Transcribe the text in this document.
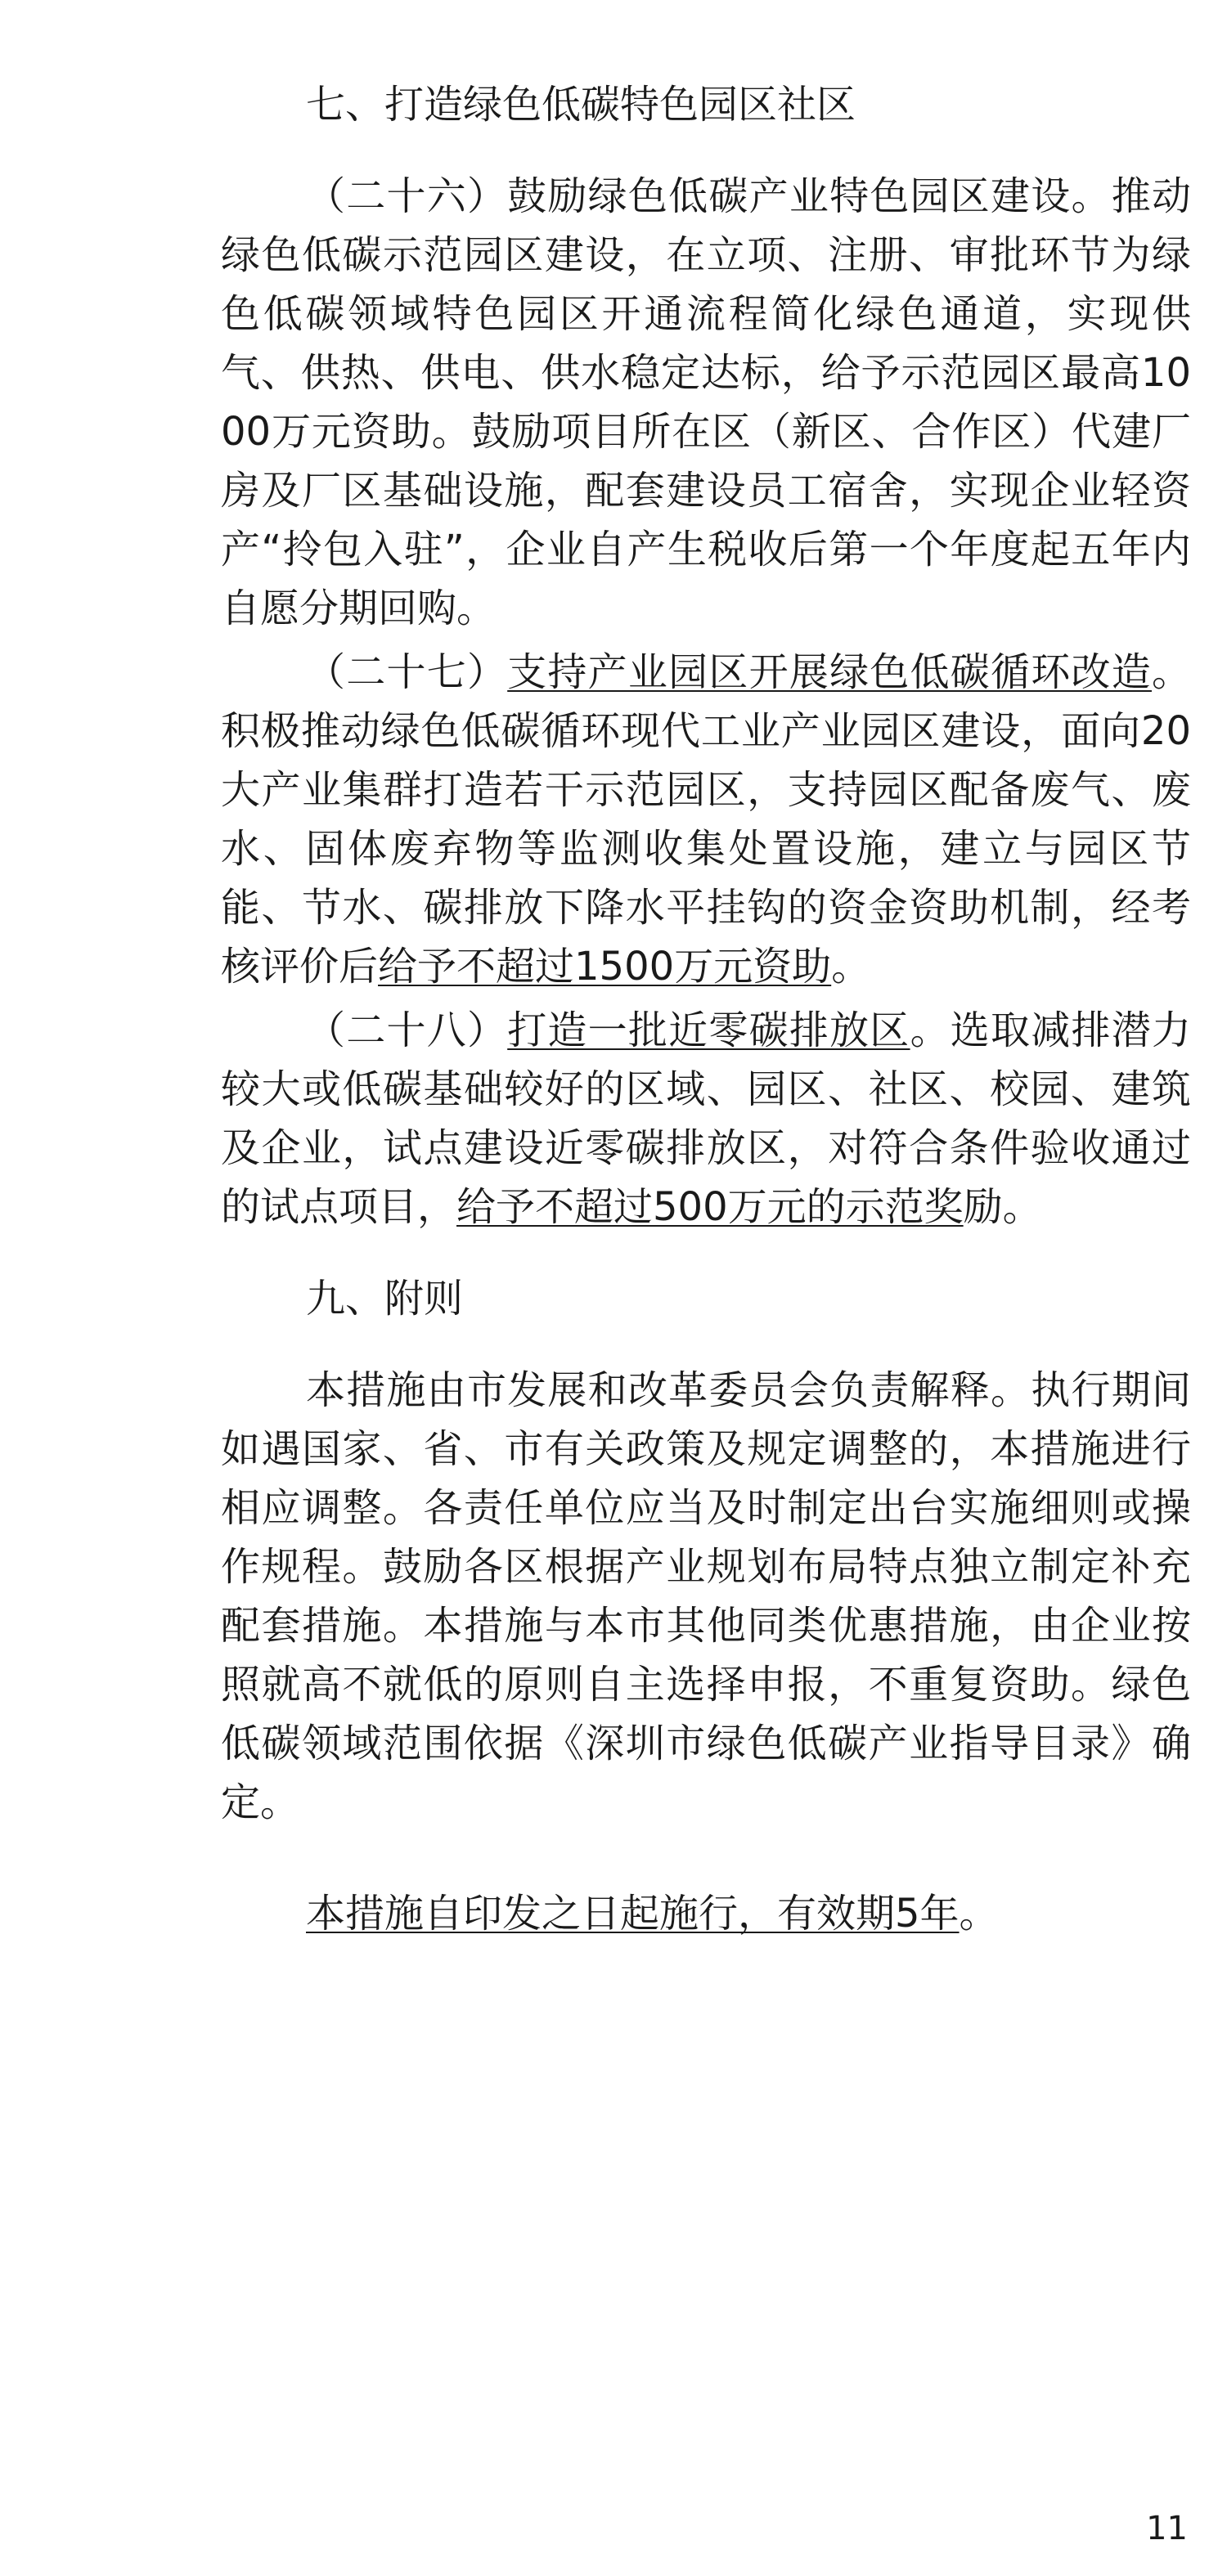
七、打造绿色低碳特色园区社区

（二十六）鼓励绿色低碳产业特色园区建设。推动绿色低碳示范园区建设，在立项、注册、审批环节为绿色低碳领域特色园区开通流程简化绿色通道，实现供气、供热、供电、供水稳定达标，给予示范园区最高1000万元资助。鼓励项目所在区（新区、合作区）代建厂房及厂区基础设施，配套建设员工宿舍，实现企业轻资产“拎包入驻”，企业自产生税收后第一个年度起五年内自愿分期回购。

（二十七）支持产业园区开展绿色低碳循环改造。积极推动绿色低碳循环现代工业产业园区建设，面向20大产业集群打造若干示范园区，支持园区配备废气、废水、固体废弃物等监测收集处置设施，建立与园区节能、节水、碳排放下降水平挂钩的资金资助机制，经考核评价后给予不超过1500万元资助。

（二十八）打造一批近零碳排放区。选取减排潜力较大或低碳基础较好的区域、园区、社区、校园、建筑及企业，试点建设近零碳排放区，对符合条件验收通过的试点项目，给予不超过500万元的示范奖励。

九、附则

本措施由市发展和改革委员会负责解释。执行期间如遇国家、省、市有关政策及规定调整的，本措施进行相应调整。各责任单位应当及时制定出台实施细则或操作规程。鼓励各区根据产业规划布局特点独立制定补充配套措施。本措施与本市其他同类优惠措施，由企业按照就高不就低的原则自主选择申报，不重复资助。绿色低碳领域范围依据《深圳市绿色低碳产业指导目录》确定。

本措施自印发之日起施行，有效期5年。
11
